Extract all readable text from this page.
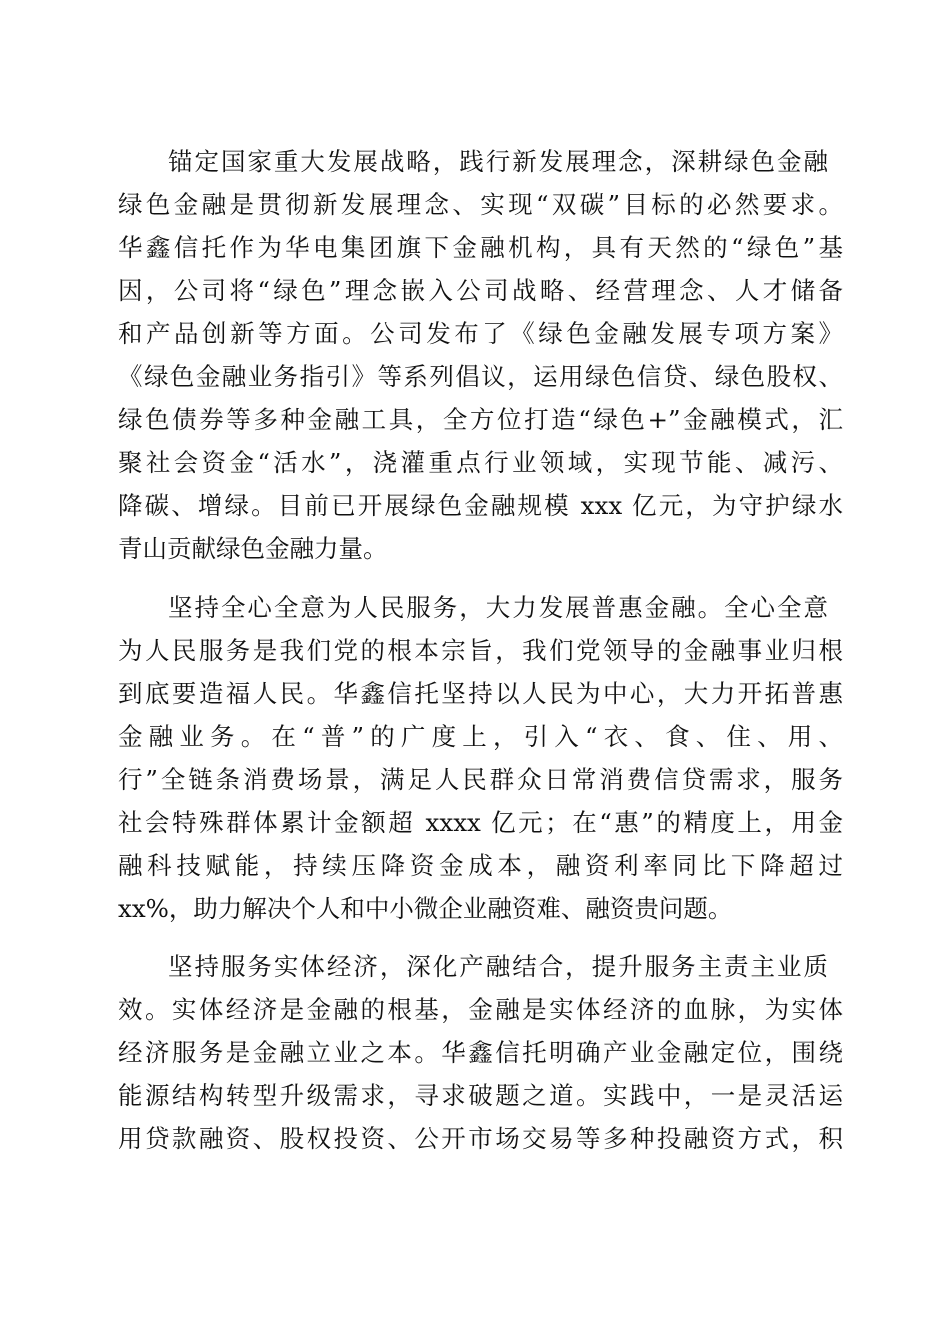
锚定国家重大发展战略，践行新发展理念，深耕绿色金融
绿色金融是贯彻新发展理念、实现“双碳”目标的必然要求。
华鑫信托作为华电集团旗下金融机构，具有天然的“绿色”基
因，公司将“绿色”理念嵌入公司战略、经营理念、人才储备
和产品创新等方面。公司发布了《绿色金融发展专项方案》
《绿色金融业务指引》等系列倡议，运用绿色信贷、绿色股权、
绿色债券等多种金融工具，全方位打造“绿色+”金融模式，汇
聚社会资金“活水”，浇灌重点行业领域，实现节能、减污、
降碳、增绿。目前已开展绿色金融规模 xxx 亿元，为守护绿水
青山贡献绿色金融力量。
坚持全心全意为人民服务，大力发展普惠金融。全心全意
为人民服务是我们党的根本宗旨，我们党领导的金融事业归根
到底要造福人民。华鑫信托坚持以人民为中心，大力开拓普惠
金融业务。在“普”的广度上，引入“衣、食、住、用、
行”全链条消费场景，满足人民群众日常消费信贷需求，服务
社会特殊群体累计金额超 xxxx 亿元；在“惠”的精度上，用金
融科技赋能，持续压降资金成本，融资利率同比下降超过
xx%，助力解决个人和中小微企业融资难、融资贵问题。
坚持服务实体经济，深化产融结合，提升服务主责主业质
效。实体经济是金融的根基，金融是实体经济的血脉，为实体
经济服务是金融立业之本。华鑫信托明确产业金融定位，围绕
能源结构转型升级需求，寻求破题之道。实践中，一是灵活运
用贷款融资、股权投资、公开市场交易等多种投融资方式，积
